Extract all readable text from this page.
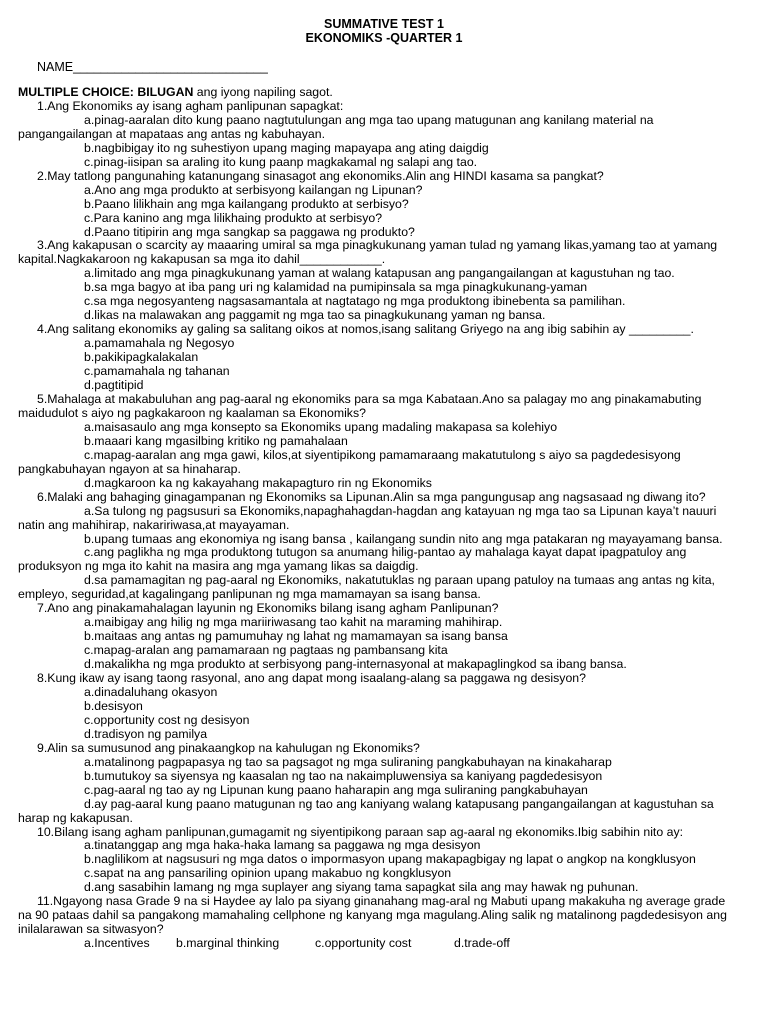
SUMMATIVE TEST 1
EKONOMIKS -QUARTER 1
NAME____________________________

MULTIPLE CHOICE: BILUGAN ang iyong napiling sagot.

1.Ang Ekonomiks ay isang agham panlipunan sapagkat:

a.pinag-aaralan dito kung paano nagtutulungan ang mga tao upang matugunan ang kanilang material na pangangailangan at mapataas ang antas ng kabuhayan.

b.nagbibigay ito ng suhestiyon upang maging mapayapa ang ating daigdig

c.pinag-iisipan sa araling ito kung paanp magkakamal ng salapi ang tao.

2.May tatlong pangunahing katanungang sinasagot ang ekonomiks.Alin ang HINDI kasama sa pangkat?

a.Ano ang mga produkto at serbisyong kailangan ng Lipunan?

b.Paano lilikhain ang mga kailangang produkto at serbisyo?

c.Para kanino ang mga lilikhaing produkto at serbisyo?

d.Paano titipirin ang mga sangkap sa paggawa ng produkto?

3.Ang kakapusan o scarcity ay maaaring umiral sa mga pinagkukunang yaman tulad ng yamang likas,yamang tao at yamang kapital.Nagkakaroon ng kakapusan sa mga ito dahil____________.

a.limitado ang mga pinagkukunang yaman at walang katapusan ang pangangailangan at kagustuhan ng tao.

b.sa mga bagyo at iba pang uri ng kalamidad na pumipinsala sa mga pinagkukunang-yaman

c.sa mga negosyanteng nagsasamantala at nagtatago ng mga produktong ibinebenta sa pamilihan.

d.likas na malawakan ang paggamit ng mga tao sa pinagkukunang yaman ng bansa.

4.Ang salitang ekonomiks ay galing sa salitang oikos at nomos,isang salitang Griyego na ang ibig sabihin ay _________.

a.pamamahala ng Negosyo

b.pakikipagkalakalan

c.pamamahala ng tahanan

d.pagtitipid

5.Mahalaga at makabuluhan ang pag-aaral ng ekonomiks para sa mga Kabataan.Ano sa palagay mo ang pinakamabuting maidudulot s aiyo ng pagkakaroon ng kaalaman sa Ekonomiks?

a.maisasaulo ang mga konsepto sa Ekonomiks upang madaling makapasa sa kolehiyo

b.maaari kang mgasilbing kritiko ng pamahalaan

c.mapag-aaralan ang mga gawi, kilos,at siyentipikong pamamaraang makatutulong s aiyo sa pagdedesisyong pangkabuhayan ngayon at sa hinaharap.

d.magkaroon ka ng kakayahang makapagturo rin ng Ekonomiks

6.Malaki ang bahaging ginagampanan ng Ekonomiks sa Lipunan.Alin sa mga pangungusap ang nagsasaad ng diwang ito?

a.Sa tulong ng pagsusuri sa Ekonomiks,napaghahagdan-hagdan ang katayuan ng mga tao sa Lipunan kaya’t nauuri natin ang mahihirap, nakaririwasa,at mayayaman.

b.upang tumaas ang ekonomiya ng isang bansa , kailangang sundin nito ang mga patakaran ng mayayamang bansa.

c.ang paglikha ng mga produktong tutugon sa anumang hilig-pantao ay mahalaga kayat dapat ipagpatuloy ang produksyon ng mga ito kahit na masira ang mga yamang likas sa daigdig.

d.sa pamamagitan ng pag-aaral ng Ekonomiks, nakatutuklas ng paraan upang patuloy na tumaas ang antas ng kita, empleyo, seguridad,at kagalingang panlipunan ng mga mamamayan sa isang bansa.

7.Ano ang pinakamahalagan layunin ng Ekonomiks bilang isang agham Panlipunan?

a.maibigay ang hilig ng mga mariiriwasang tao kahit na maraming mahihirap.

b.maitaas ang antas ng pamumuhay ng lahat ng mamamayan sa isang bansa

c.mapag-aralan ang pamamaraan ng pagtaas ng pambansang kita

d.makalikha ng mga produkto at serbisyong pang-internasyonal at makapaglingkod sa ibang bansa.

8.Kung ikaw ay isang taong rasyonal, ano ang dapat mong isaalang-alang sa paggawa ng desisyon?

a.dinadaluhang okasyon

b.desisyon

c.opportunity cost ng desisyon

d.tradisyon ng pamilya

9.Alin sa sumusunod ang pinakaangkop na kahulugan ng Ekonomiks?

a.matalinong pagpapasya ng tao sa pagsagot ng mga suliraning pangkabuhayan na kinakaharap

b.tumutukoy sa siyensya ng kaasalan ng tao na nakaimpluwensiya sa kaniyang pagdedesisyon

c.pag-aaral ng tao ay ng Lipunan kung paano haharapin ang mga suliraning pangkabuhayan

d.ay pag-aaral kung paano matugunan ng tao ang kaniyang walang katapusang pangangailangan at kagustuhan sa harap ng kakapusan.

10.Bilang isang agham panlipunan,gumagamit ng siyentipikong paraan sap ag-aaral ng ekonomiks.Ibig sabihin nito ay:

a.tinatanggap ang mga haka-haka lamang sa paggawa ng mga desisyon

b.naglilikom at nagsusuri ng mga datos o impormasyon upang makapagbigay ng lapat o angkop na kongklusyon

c.sapat na ang pansariling opinion upang makabuo ng kongklusyon

d.ang sasabihin lamang ng mga suplayer ang siyang tama sapagkat sila ang may hawak ng puhunan.

11.Ngayong nasa Grade 9 na si Haydee ay lalo pa siyang ginanahang mag-aral ng Mabuti upang makakuha ng average grade na 90 pataas dahil sa pangakong mamahaling cellphone ng kanyang mga magulang.Aling salik ng matalinong pagdedesisyon ang inilalarawan sa sitwasyon?

a.Incentives b.marginal thinking	c.opportunity cost	d.trade-off
